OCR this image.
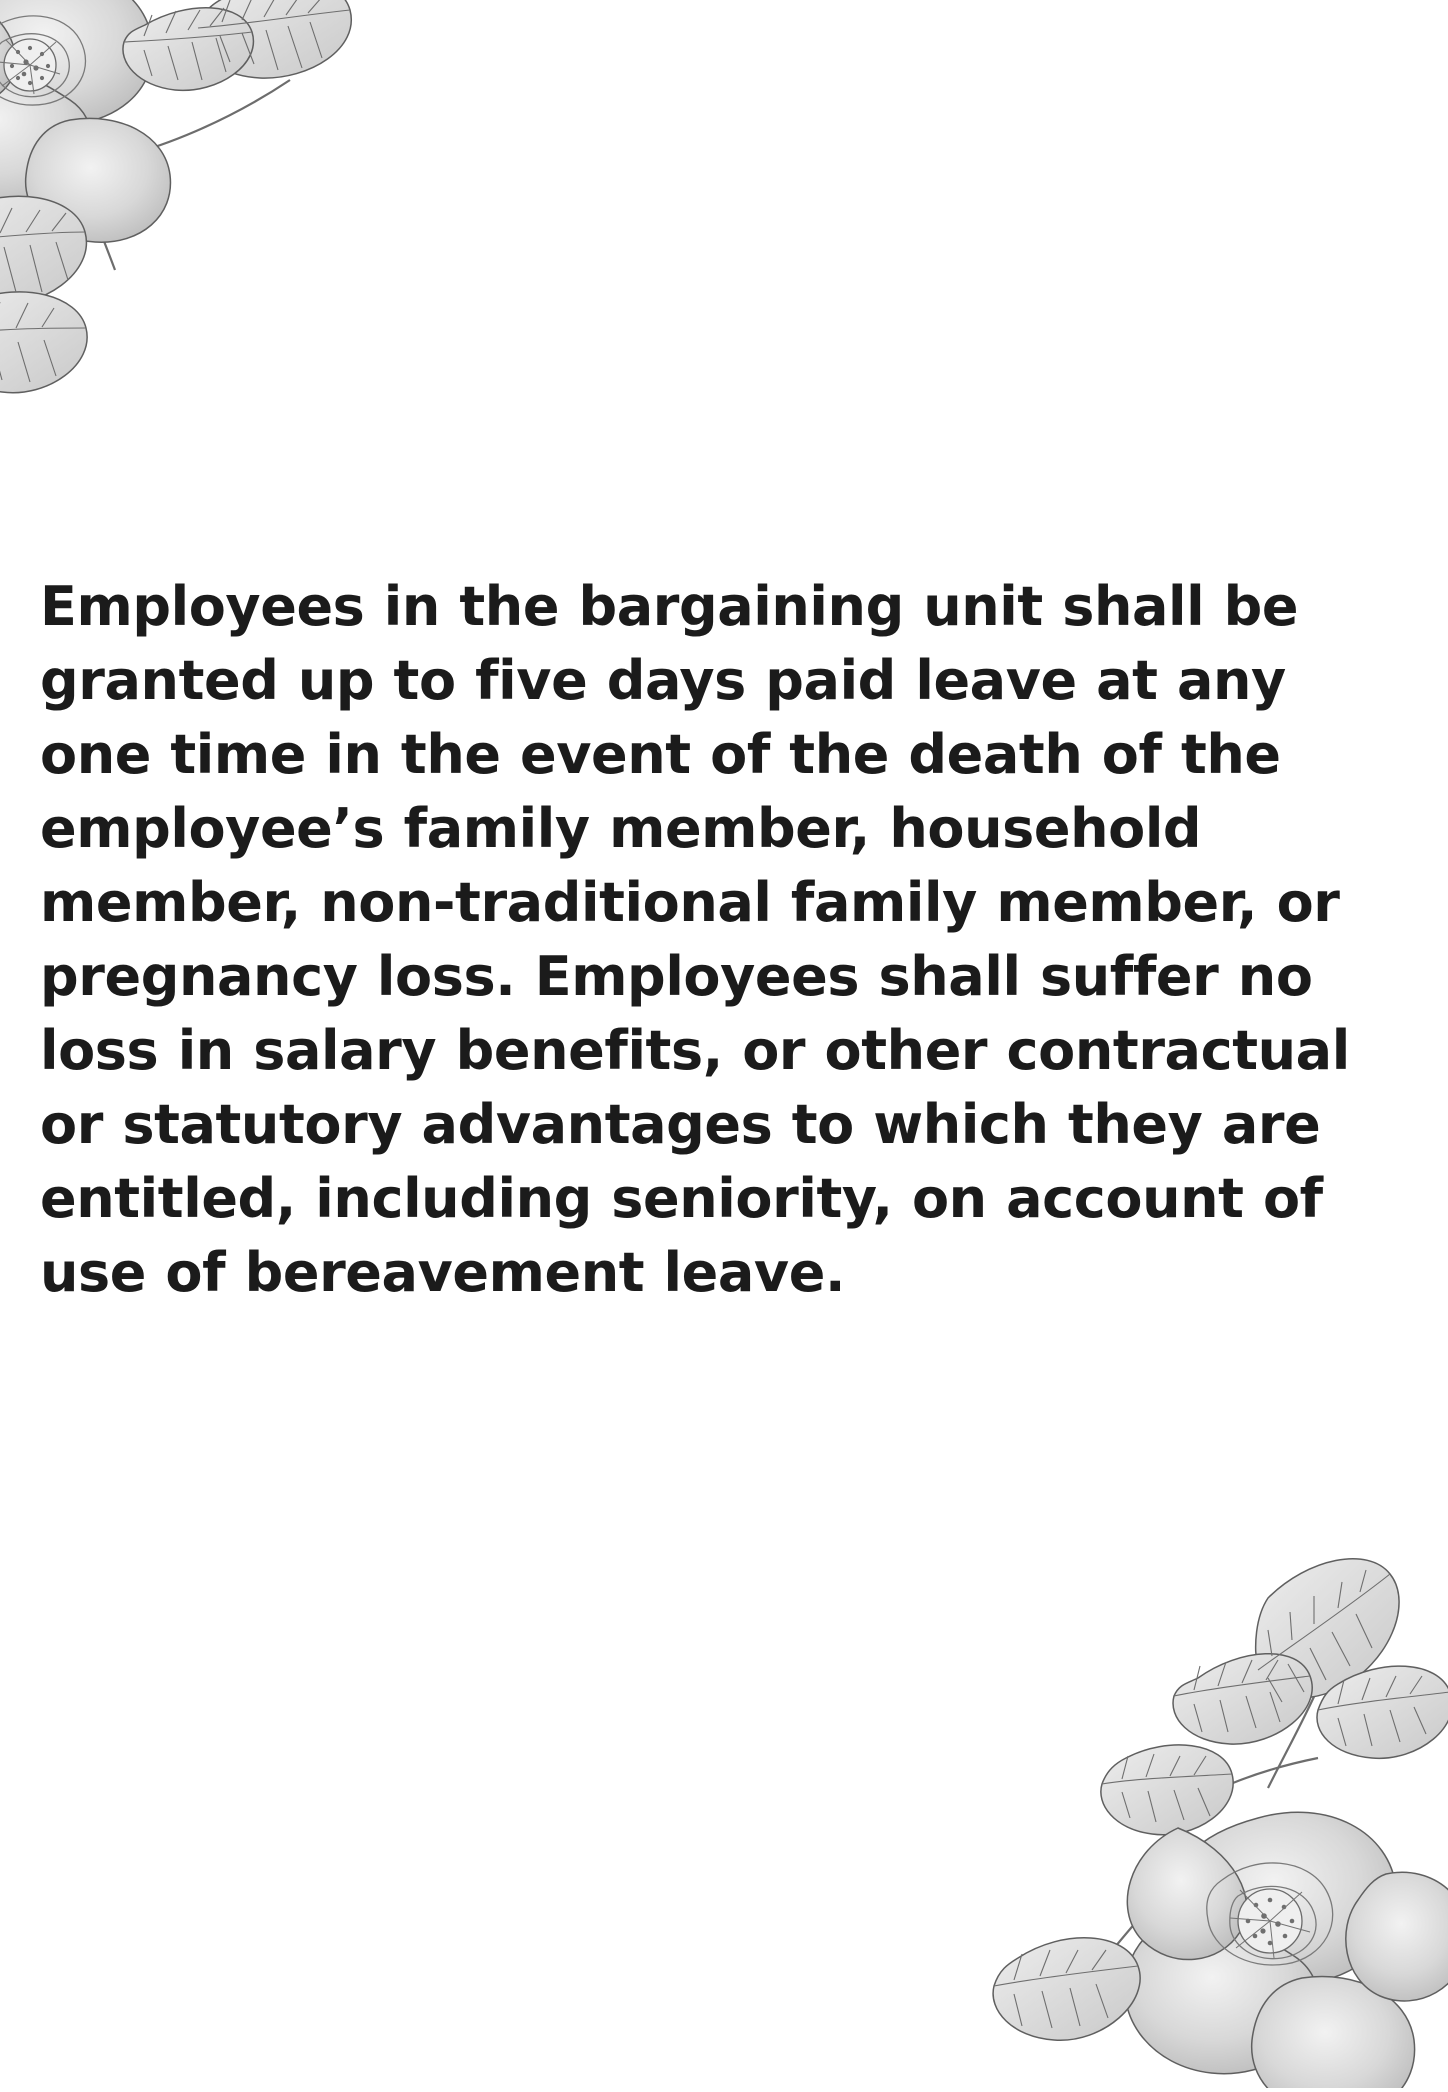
Employees in the bargaining unit shall be granted up to five days paid leave at any one time in the event of the death of the employee’s family member, household member, non-traditional family member, or pregnancy loss. Employees shall suffer no loss in salary benefits, or other contractual or statutory advantages to which they are entitled, including seniority, on account of use of bereavement leave.
